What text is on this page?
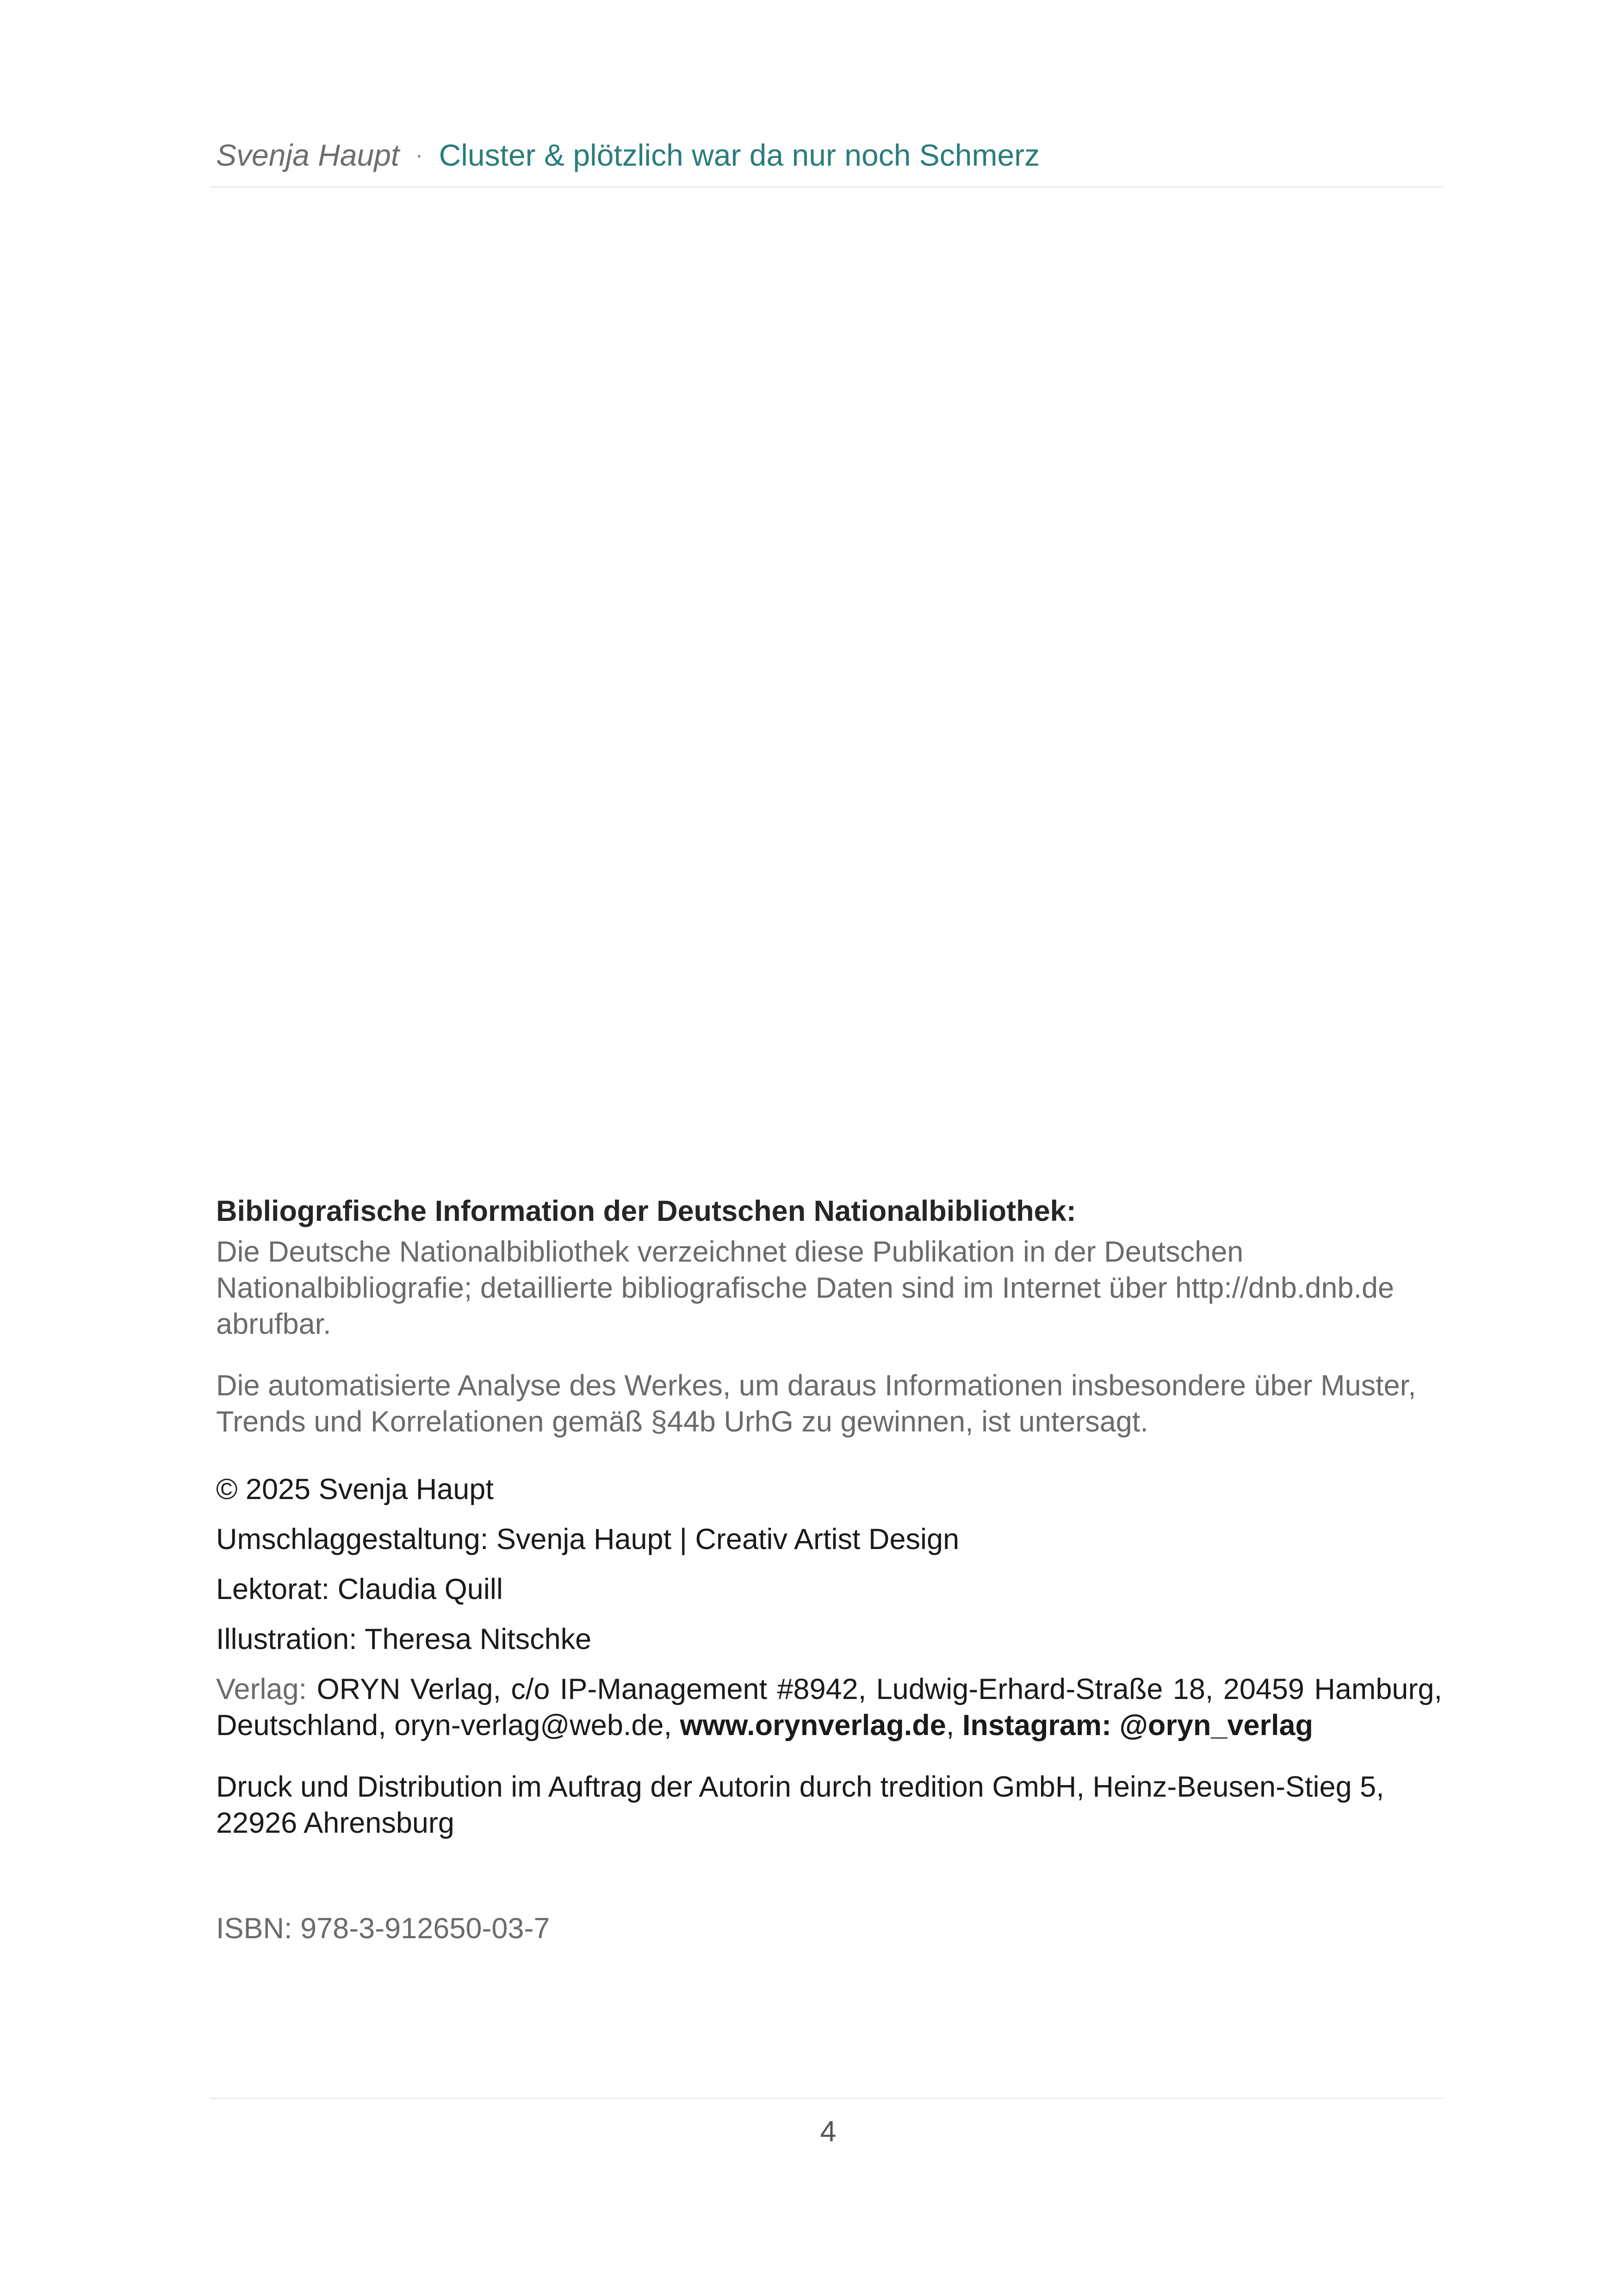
Svenja Haupt · Cluster & plötzlich war da nur noch Schmerz

Bibliografische Information der Deutschen Nationalbibliothek:

Die Deutsche Nationalbibliothek verzeichnet diese Publikation in der Deutschen Nationalbibliografie; detaillierte bibliografische Daten sind im Internet über http://dnb.dnb.de abrufbar.

Die automatisierte Analyse des Werkes, um daraus Informationen insbesondere über Muster, Trends und Korrelationen gemäß §44b UrhG zu gewinnen, ist untersagt.

© 2025 Svenja Haupt

Umschlaggestaltung: Svenja Haupt | Creativ Artist Design

Lektorat: Claudia Quill

Illustration: Theresa Nitschke

Verlag: ORYN Verlag, c/o IP-Management #8942, Ludwig-Erhard-Straße 18, 20459 Hamburg, Deutschland, oryn-verlag@web.de, www.orynverlag.de, Instagram: @oryn_verlag

Druck und Distribution im Auftrag der Autorin durch tredition GmbH, Heinz-Beusen-Stieg 5, 22926 Ahrensburg

ISBN: 978-3-912650-03-7

4
